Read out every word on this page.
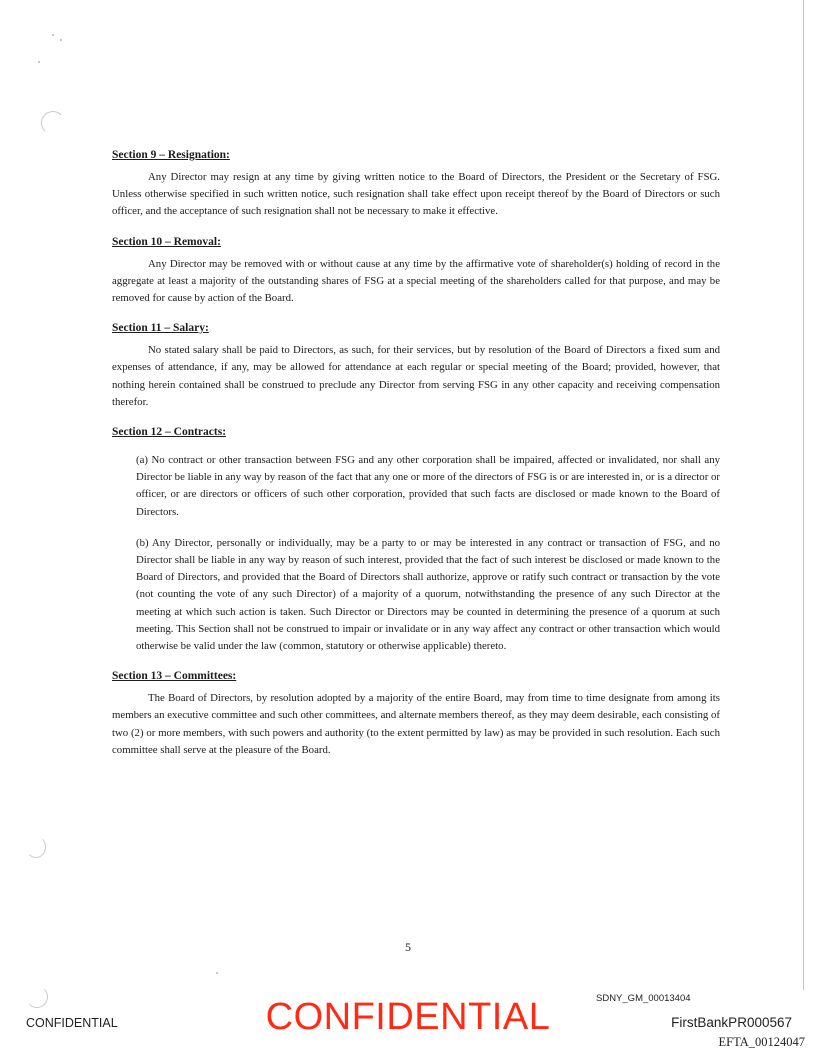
Section 9 – Resignation:

Any Director may resign at any time by giving written notice to the Board of Directors, the President or the Secretary of FSG. Unless otherwise specified in such written notice, such resignation shall take effect upon receipt thereof by the Board of Directors or such officer, and the acceptance of such resignation shall not be necessary to make it effective.

Section 10 – Removal:

Any Director may be removed with or without cause at any time by the affirmative vote of shareholder(s) holding of record in the aggregate at least a majority of the outstanding shares of FSG at a special meeting of the shareholders called for that purpose, and may be removed for cause by action of the Board.

Section 11 – Salary:

No stated salary shall be paid to Directors, as such, for their services, but by resolution of the Board of Directors a fixed sum and expenses of attendance, if any, may be allowed for attendance at each regular or special meeting of the Board; provided, however, that nothing herein contained shall be construed to preclude any Director from serving FSG in any other capacity and receiving compensation therefor.

Section 12 – Contracts:

(a) No contract or other transaction between FSG and any other corporation shall be impaired, affected or invalidated, nor shall any Director be liable in any way by reason of the fact that any one or more of the directors of FSG is or are interested in, or is a director or officer, or are directors or officers of such other corporation, provided that such facts are disclosed or made known to the Board of Directors.

(b) Any Director, personally or individually, may be a party to or may be interested in any contract or transaction of FSG, and no Director shall be liable in any way by reason of such interest, provided that the fact of such interest be disclosed or made known to the Board of Directors, and provided that the Board of Directors shall authorize, approve or ratify such contract or transaction by the vote (not counting the vote of any such Director) of a majority of a quorum, notwithstanding the presence of any such Director at the meeting at which such action is taken. Such Director or Directors may be counted in determining the presence of a quorum at such meeting. This Section shall not be construed to impair or invalidate or in any way affect any contract or other transaction which would otherwise be valid under the law (common, statutory or otherwise applicable) thereto.

Section 13 – Committees:

The Board of Directors, by resolution adopted by a majority of the entire Board, may from time to time designate from among its members an executive committee and such other committees, and alternate members thereof, as they may deem desirable, each consisting of two (2) or more members, with such powers and authority (to the extent permitted by law) as may be provided in such resolution. Each such committee shall serve at the pleasure of the Board.

5
SDNY_GM_00013404
CONFIDENTIAL	CONFIDENTIAL	FirstBankPR000567
EFTA_00124047
